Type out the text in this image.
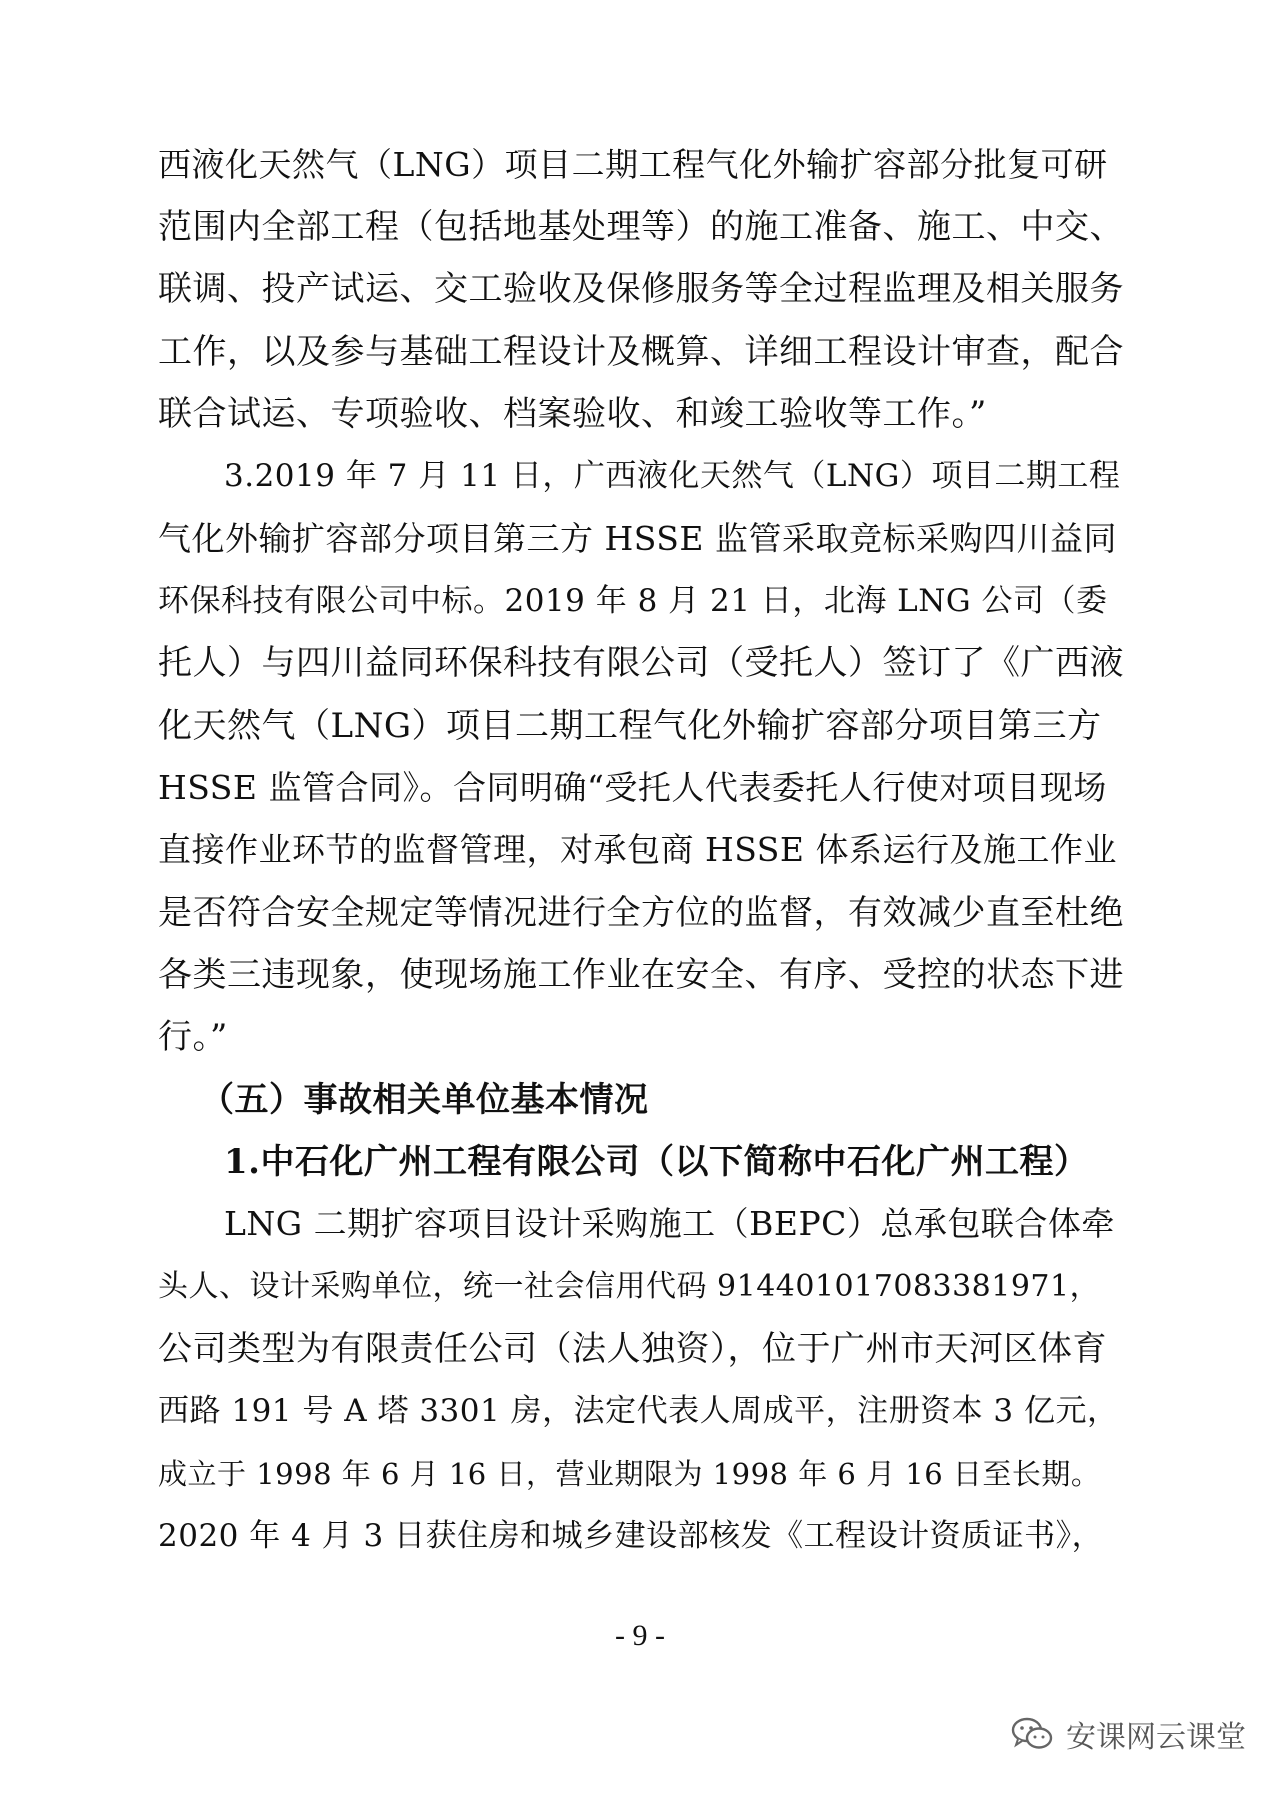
西液化天然气（LNG）项目二期工程气化外输扩容部分批复可研
范围内全部工程（包括地基处理等）的施工准备、施工、中交、
联调、投产试运、交工验收及保修服务等全过程监理及相关服务
工作，以及参与基础工程设计及概算、详细工程设计审查，配合
联合试运、专项验收、档案验收、和竣工验收等工作。”
3.2019 年 7 月 11 日，广西液化天然气（LNG）项目二期工程
气化外输扩容部分项目第三方 HSSE 监管采取竞标采购四川益同
环保科技有限公司中标。2019 年 8 月 21 日，北海 LNG 公司（委
托人）与四川益同环保科技有限公司（受托人）签订了《广西液
化天然气（LNG）项目二期工程气化外输扩容部分项目第三方
HSSE 监管合同》。合同明确“受托人代表委托人行使对项目现场
直接作业环节的监督管理，对承包商 HSSE 体系运行及施工作业
是否符合安全规定等情况进行全方位的监督，有效减少直至杜绝
各类三违现象，使现场施工作业在安全、有序、受控的状态下进
行。”
（五）事故相关单位基本情况
1.中石化广州工程有限公司（以下简称中石化广州工程）
LNG 二期扩容项目设计采购施工（BEPC）总承包联合体牵
头人、设计采购单位，统一社会信用代码 914401017083381971，
公司类型为有限责任公司（法人独资），位于广州市天河区体育
西路 191 号 A 塔 3301 房，法定代表人周成平，注册资本 3 亿元，
成立于 1998 年 6 月 16 日，营业期限为 1998 年 6 月 16 日至长期。
2020 年 4 月 3 日获住房和城乡建设部核发《工程设计资质证书》，
- 9 -
安课网云课堂
